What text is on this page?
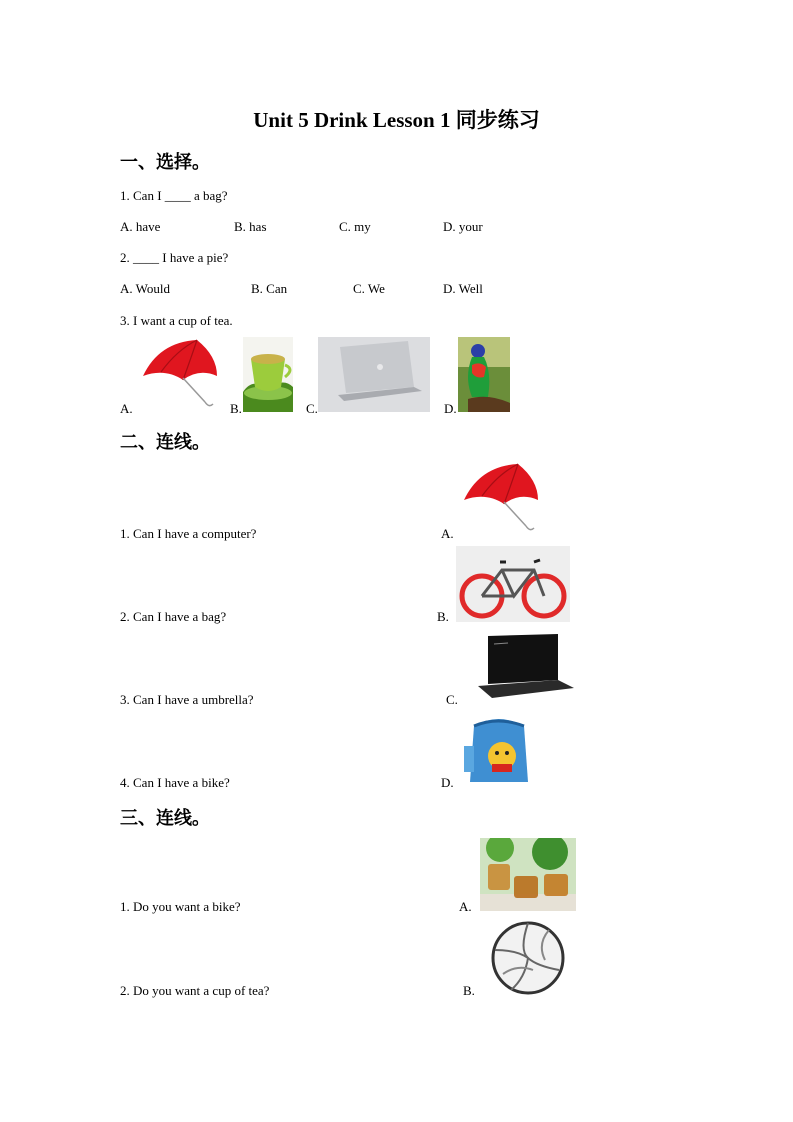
Unit 5 Drink Lesson 1 同步练习
一、选择。
1. Can I ____ a bag?
A. have	B. has	C. my	D. your
2. ____ I have a pie?
A. Would	B. Can	C. We	D. Well
3. I want a cup of tea.
A.	B.	C.	D.
二、连线。
1. Can I have a computer?
2. Can I have a bag?
3. Can I have a umbrella?
4. Can I have a bike?
A.
B.
C.
D.
三、连线。
1. Do you want a bike?
2. Do you want a cup of tea?
A.
B.
